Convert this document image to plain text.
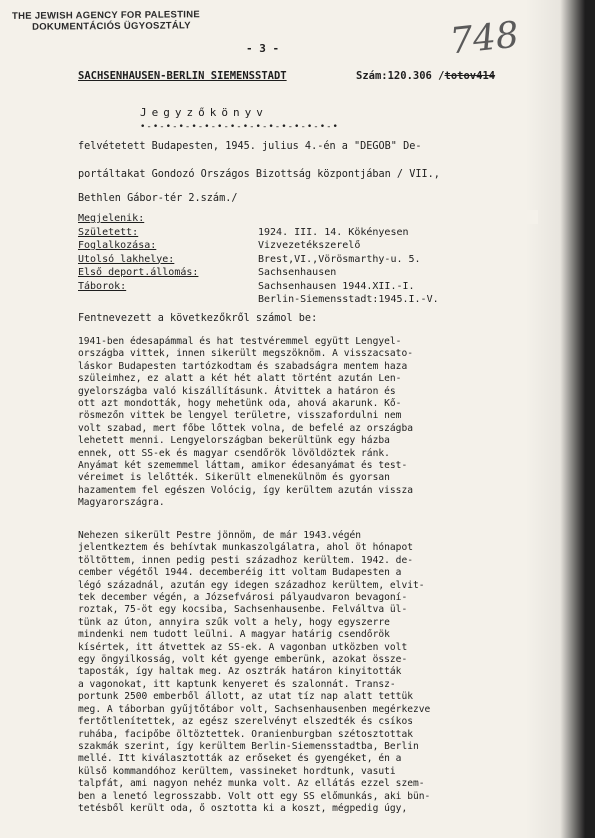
THE JEWISH AGENCY FOR PALESTINE
DOKUMENTÁCIÓS ÜGYOSZTÁLY	748
- 3 -
SACHSENHAUSEN-BERLIN SIEMENSSTADT	Szám:120.306 /totov414
Jegyzőkönyv
•-•-•-•-•-•-•-•-•-•-•-•-•-•-•-•
felvétetett Budapesten, 1945. julius 4.-én a "DEGOB" De-
portáltakat Gondozó Országos Bizottság központjában / VII.,
Bethlen Gábor-tér 2.szám./
Megjelenik:
Született:
Foglalkozása:
Utolsó lakhelye:
Első deport.állomás:
Táborok:

1924. III. 14. Kökényesen
Vizvezetékszerelő
Brest,VI.,Vörösmarthy-u. 5.
Sachsenhausen
Sachsenhausen 1944.XII.-I.
Berlin-Siemensstadt:1945.I.-V.
Fentnevezett a következőkről számol be:
1941-ben édesapámmal és hat testvéremmel együtt Lengyel-
országba vittek, innen sikerült megszöknöm. A visszacsato-
láskor Budapesten tartózkodtam és szabadságra mentem haza
szüleimhez, ez alatt a két hét alatt történt azután Len-
gyelországba való kiszállításunk. Átvittek a határon és
ott azt mondották, hogy mehetünk oda, ahová akarunk. Kő-
rösmezőn vittek be lengyel területre, visszafordulni nem
volt szabad, mert főbe lőttek volna, de befelé az országba
lehetett menni. Lengyelországban bekerültünk egy házba
ennek, ott SS-ek és magyar csendőrök lövöldöztek ránk.
Anyámat két szememmel láttam, amikor édesanyámat és test-
véreimet is lelőtték. Sikerült elmenekülnöm és gyorsan
hazamentem fel egészen Volócig, így kerültem azután vissza
Magyarországra.
Nehezen sikerült Pestre jönnöm, de már 1943.végén
jelentkeztem és behívtak munkaszolgálatra, ahol öt hónapot
töltöttem, innen pedig pesti századhoz kerültem. 1942. de-
cember végétől 1944. decemberéig itt voltam Budapesten a
légó századnál, azután egy idegen századhoz kerültem, elvit-
tek december végén, a Józsefvárosi pályaudvaron bevagoní-
roztak, 75-öt egy kocsiba, Sachsenhausenbe. Felváltva ül-
tünk az úton, annyira szűk volt a hely, hogy egyszerre
mindenki nem tudott leülni. A magyar határig csendőrök
kísértek, itt átvettek az SS-ek. A vagonban utközben volt
egy öngyilkosság, volt két gyenge emberünk, azokat össze-
taposták, így haltak meg. Az osztrák határon kinyitották
a vagonokat, itt kaptunk kenyeret és szalonnát. Transz-
portunk 2500 emberből állott, az utat tíz nap alatt tettük
meg. A táborban gyűjtőtábor volt, Sachsenhausenben megérkezve
fertőtlenítettek, az egész szerelvényt elszedték és csíkos
ruhába, facipőbe öltöztettek. Oranienburgban szétosztottak
szakmák szerint, így kerültem Berlin-Siemensstadtba, Berlin
mellé. Itt kiválasztották az erőseket és gyengéket, én a
külső kommandóhoz kerültem, vassineket hordtunk, vasuti
talpfát, ami nagyon nehéz munka volt. Az ellátás ezzel szem-
ben a lenetó legrosszabb. Volt ott egy SS előmunkás, aki bün-
tetésből került oda, ő osztotta ki a koszt, mégpedig úgy,
